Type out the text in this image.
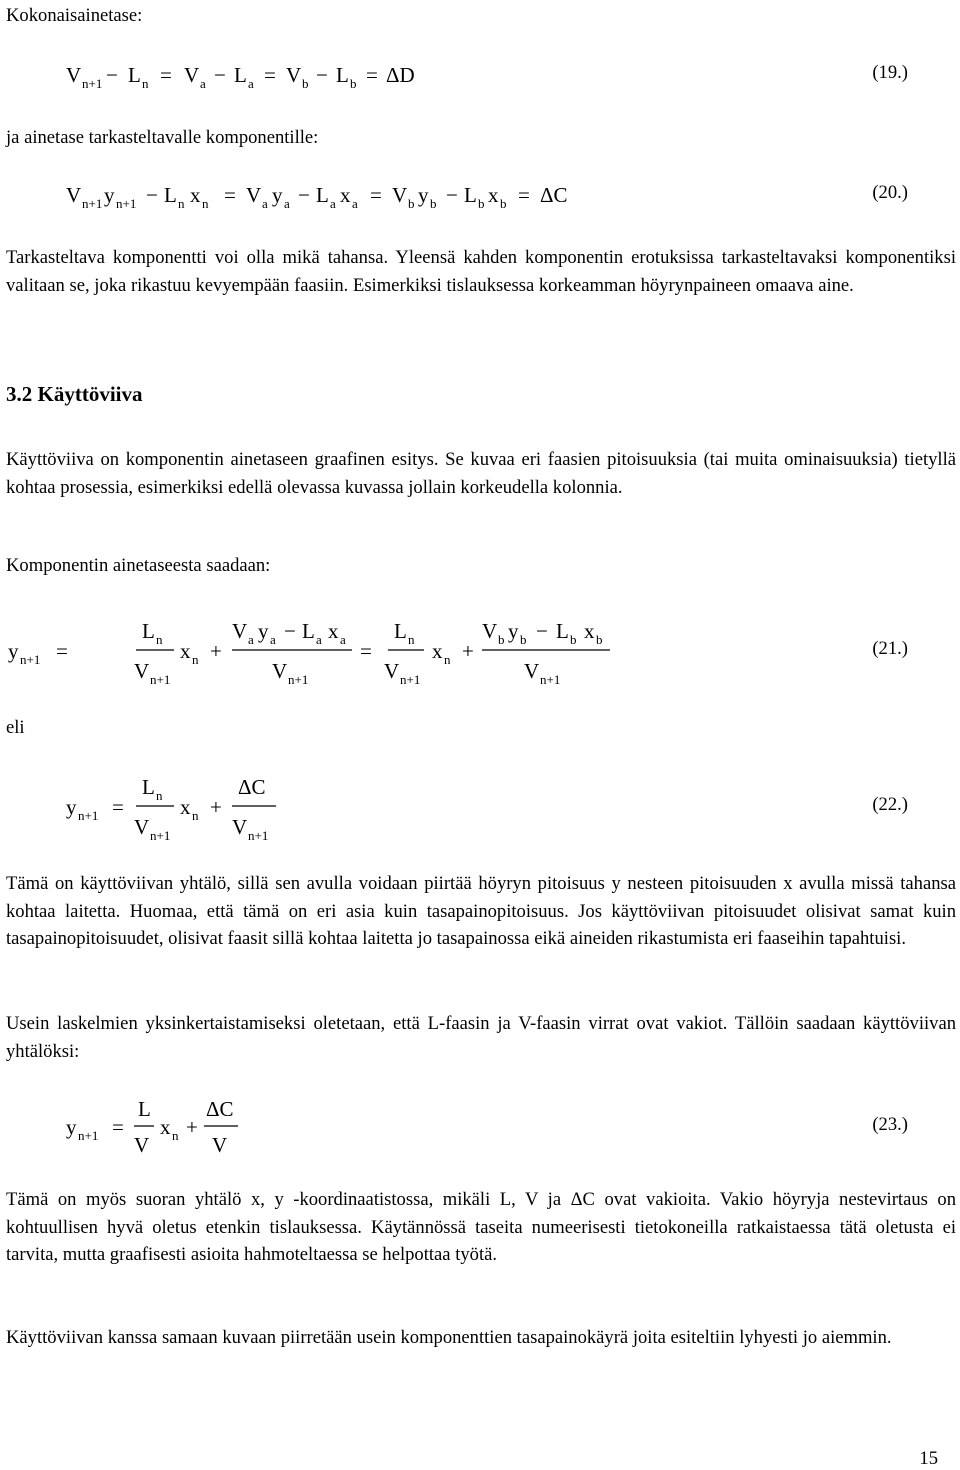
Kokonaisainetase:

V n+1 − L n = V a − L a = V b − L b = ΔD	(19.)

ja ainetase tarkasteltavalle komponentille:

V n+1 y n+1 − L n x n = V a y a − L a x a = V b y b − L b x b = ΔC	(20.)

Tarkasteltava komponentti voi olla mikä tahansa. Yleensä kahden komponentin erotuksissa tarkasteltavaksi komponentiksi valitaan se, joka rikastuu kevyempään faasiin. Esimerkiksi tislauksessa korkeamman höyrynpaineen omaava aine.

3.2 Käyttöviiva

Käyttöviiva on komponentin ainetaseen graafinen esitys. Se kuvaa eri faasien pitoisuuksia (tai muita ominaisuuksia) tietyllä kohtaa prosessia, esimerkiksi edellä olevassa kuvassa jollain korkeudella kolonnia.

Komponentin ainetaseesta saadaan:

y n+1 =
L n
V n+1
x n +
V a y a − L a x a
V n+1
=
L n
V n+1
x n +
V b y b − L b x b
V n+1
(21.)

eli

y n+1 =
L n
V n+1
x n +
ΔC
V n+1
(22.)

Tämä on käyttöviivan yhtälö, sillä sen avulla voidaan piirtää höyryn pitoisuus y nesteen pitoisuuden x avulla missä tahansa kohtaa laitetta. Huomaa, että tämä on eri asia kuin tasapainopitoisuus. Jos käyttöviivan pitoisuudet olisivat samat kuin tasapainopitoisuudet, olisivat faasit sillä kohtaa laitetta jo tasapainossa eikä aineiden rikastumista eri faaseihin tapahtuisi.

Usein laskelmien yksinkertaistamiseksi oletetaan, että L-faasin ja V-faasin virrat ovat vakiot. Tällöin saadaan käyttöviivan yhtälöksi:

y n+1 =
L
V
x n +
ΔC
V
(23.)

Tämä on myös suoran yhtälö x, y -koordinaatistossa, mikäli L, V ja ΔC ovat vakioita. Vakio höyryja nestevirtaus on kohtuullisen hyvä oletus etenkin tislauksessa. Käytännössä taseita numeerisesti tietokoneilla ratkaistaessa tätä oletusta ei tarvita, mutta graafisesti asioita hahmoteltaessa se helpottaa työtä.

Käyttöviivan kanssa samaan kuvaan piirretään usein komponenttien tasapainokäyrä joita esiteltiin lyhyesti jo aiemmin.

15
